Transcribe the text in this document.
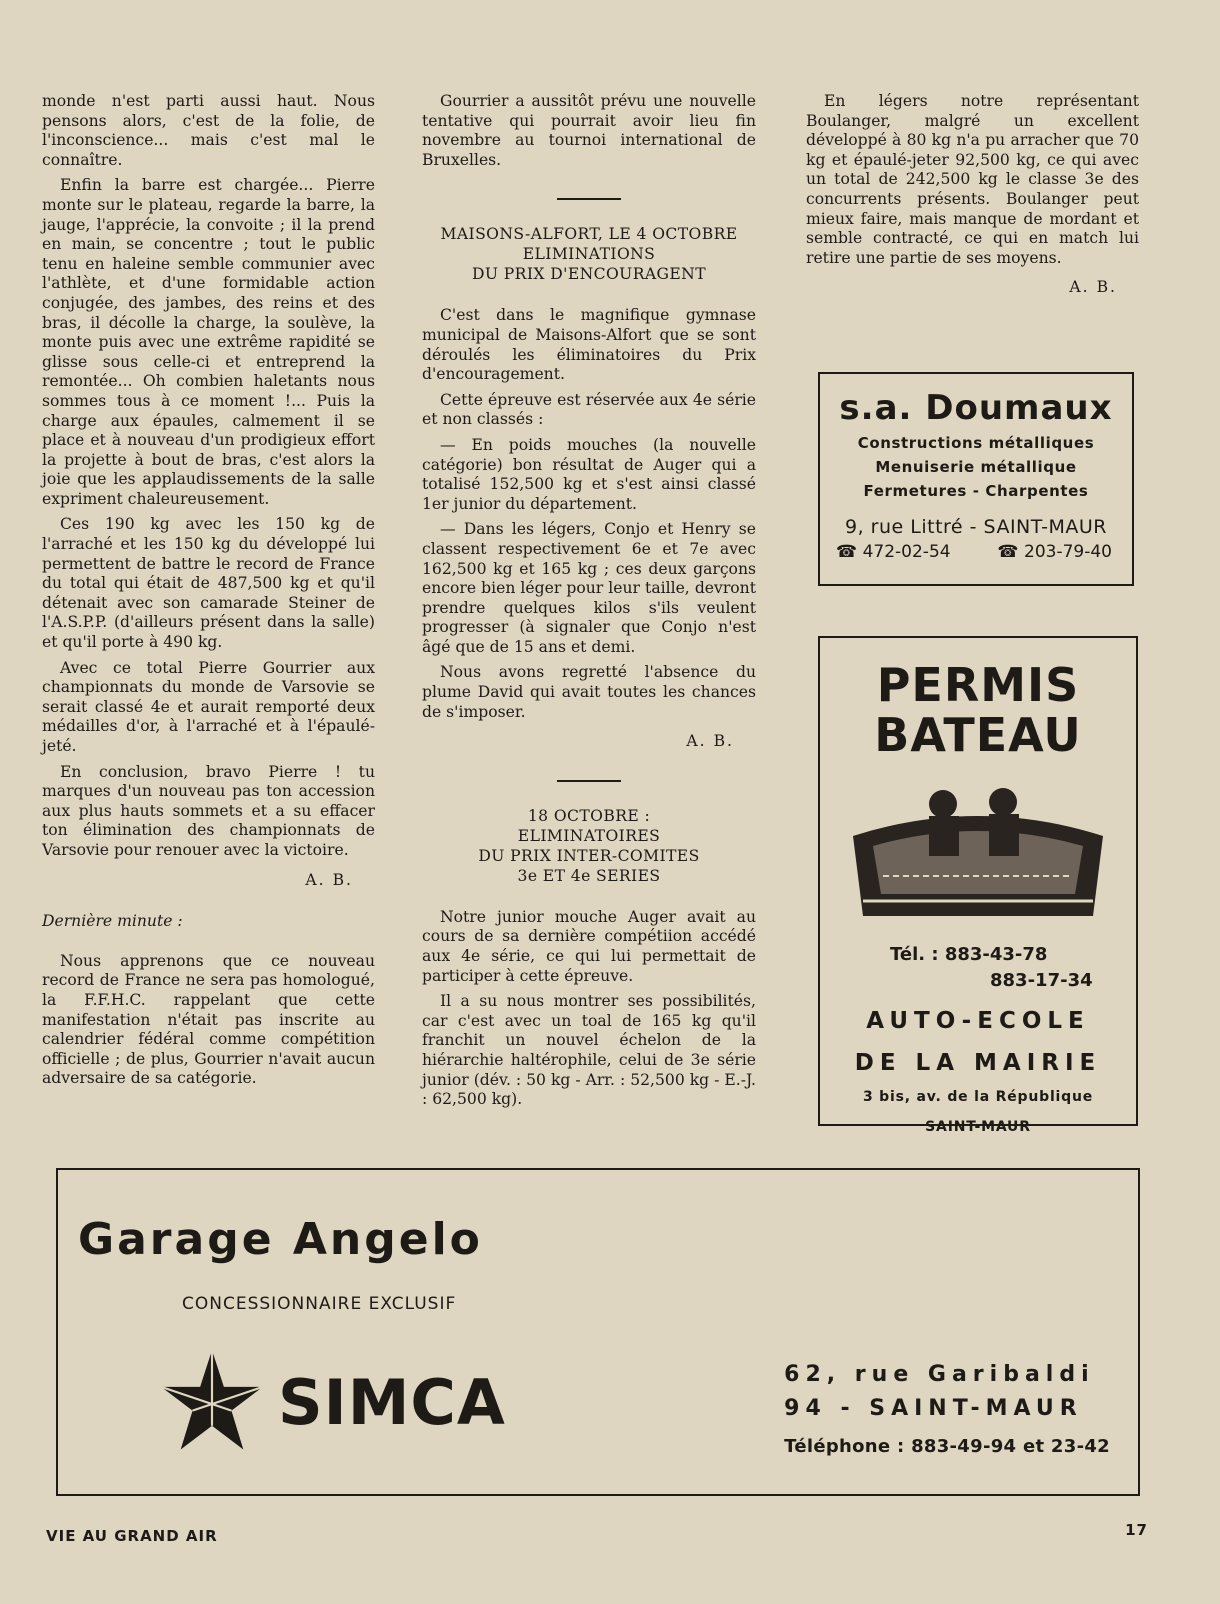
monde n'est parti aussi haut. Nous pensons alors, c'est de la folie, de l'inconscience... mais c'est mal le connaître.

Enfin la barre est chargée... Pierre monte sur le plateau, regarde la barre, la jauge, l'apprécie, la convoite ; il la prend en main, se concentre ; tout le public tenu en haleine semble communier avec l'athlète, et d'une formidable action conjugée, des jambes, des reins et des bras, il décolle la charge, la soulève, la monte puis avec une extrême rapidité se glisse sous celle-ci et entreprend la remontée... Oh combien haletants nous sommes tous à ce moment !... Puis la charge aux épaules, calmement il se place et à nouveau d'un prodigieux effort la projette à bout de bras, c'est alors la joie que les applaudissements de la salle expriment chaleureusement.

Ces 190 kg avec les 150 kg de l'arraché et les 150 kg du développé lui permettent de battre le record de France du total qui était de 487,500 kg et qu'il détenait avec son camarade Steiner de l'A.S.P.P. (d'ailleurs présent dans la salle) et qu'il porte à 490 kg.

Avec ce total Pierre Gourrier aux championnats du monde de Varsovie se serait classé 4e et aurait remporté deux médailles d'or, à l'arraché et à l'épaulé-jeté.

En conclusion, bravo Pierre ! tu marques d'un nouveau pas ton accession aux plus hauts sommets et a su effacer ton élimination des championnats de Varsovie pour renouer avec la victoire.

A. B.
Dernière minute :

Nous apprenons que ce nouveau record de France ne sera pas homologué, la F.F.H.C. rappelant que cette manifestation n'était pas inscrite au calendrier fédéral comme compétition officielle ; de plus, Gourrier n'avait aucun adversaire de sa catégorie.

Gourrier a aussitôt prévu une nouvelle tentative qui pourrait avoir lieu fin novembre au tournoi international de Bruxelles.

MAISONS-ALFORT, LE 4 OCTOBRE
ELIMINATIONS
DU PRIX D'ENCOURAGENT

C'est dans le magnifique gymnase municipal de Maisons-Alfort que se sont déroulés les éliminatoires du Prix d'encouragement.

Cette épreuve est réservée aux 4e série et non classés :

— En poids mouches (la nouvelle catégorie) bon résultat de Auger qui a totalisé 152,500 kg et s'est ainsi classé 1er junior du département.

— Dans les légers, Conjo et Henry se classent respectivement 6e et 7e avec 162,500 kg et 165 kg ; ces deux garçons encore bien léger pour leur taille, devront prendre quelques kilos s'ils veulent progresser (à signaler que Conjo n'est âgé que de 15 ans et demi.

Nous avons regretté l'absence du plume David qui avait toutes les chances de s'imposer.

A. B.
18 OCTOBRE :
ELIMINATOIRES
DU PRIX INTER-COMITES
3e ET 4e SERIES

Notre junior mouche Auger avait au cours de sa dernière compétiion accédé aux 4e série, ce qui lui permettait de participer à cette épreuve.

Il a su nous montrer ses possibilités, car c'est avec un toal de 165 kg qu'il franchit un nouvel échelon de la hiérarchie haltérophile, celui de 3e série junior (dév. : 50 kg - Arr. : 52,500 kg - E.-J. : 62,500 kg).

En légers notre représentant Boulanger, malgré un excellent développé à 80 kg n'a pu arracher que 70 kg et épaulé-jeter 92,500 kg, ce qui avec un total de 242,500 kg le classe 3e des concurrents présents. Boulanger peut mieux faire, mais manque de mordant et semble contracté, ce qui en match lui retire une partie de ses moyens.

A. B.
s.a. Doumaux
Constructions métalliques
Menuiserie métallique
Fermetures - Charpentes
9, rue Littré - SAINT-MAUR
☎ 472-02-54	☎ 203-79-40
PERMIS
BATEAU
Tél. : 883-43-78
883-17-34
AUTO-ECOLE
DE LA MAIRIE
3 bis, av. de la République
SAINT-MAUR
Garage Angelo
CONCESSIONNAIRE EXCLUSIF
SIMCA	62, rue Garibaldi
94 - SAINT-MAUR
Téléphone : 883-49-94 et 23-42
VIE AU GRAND AIR	17
